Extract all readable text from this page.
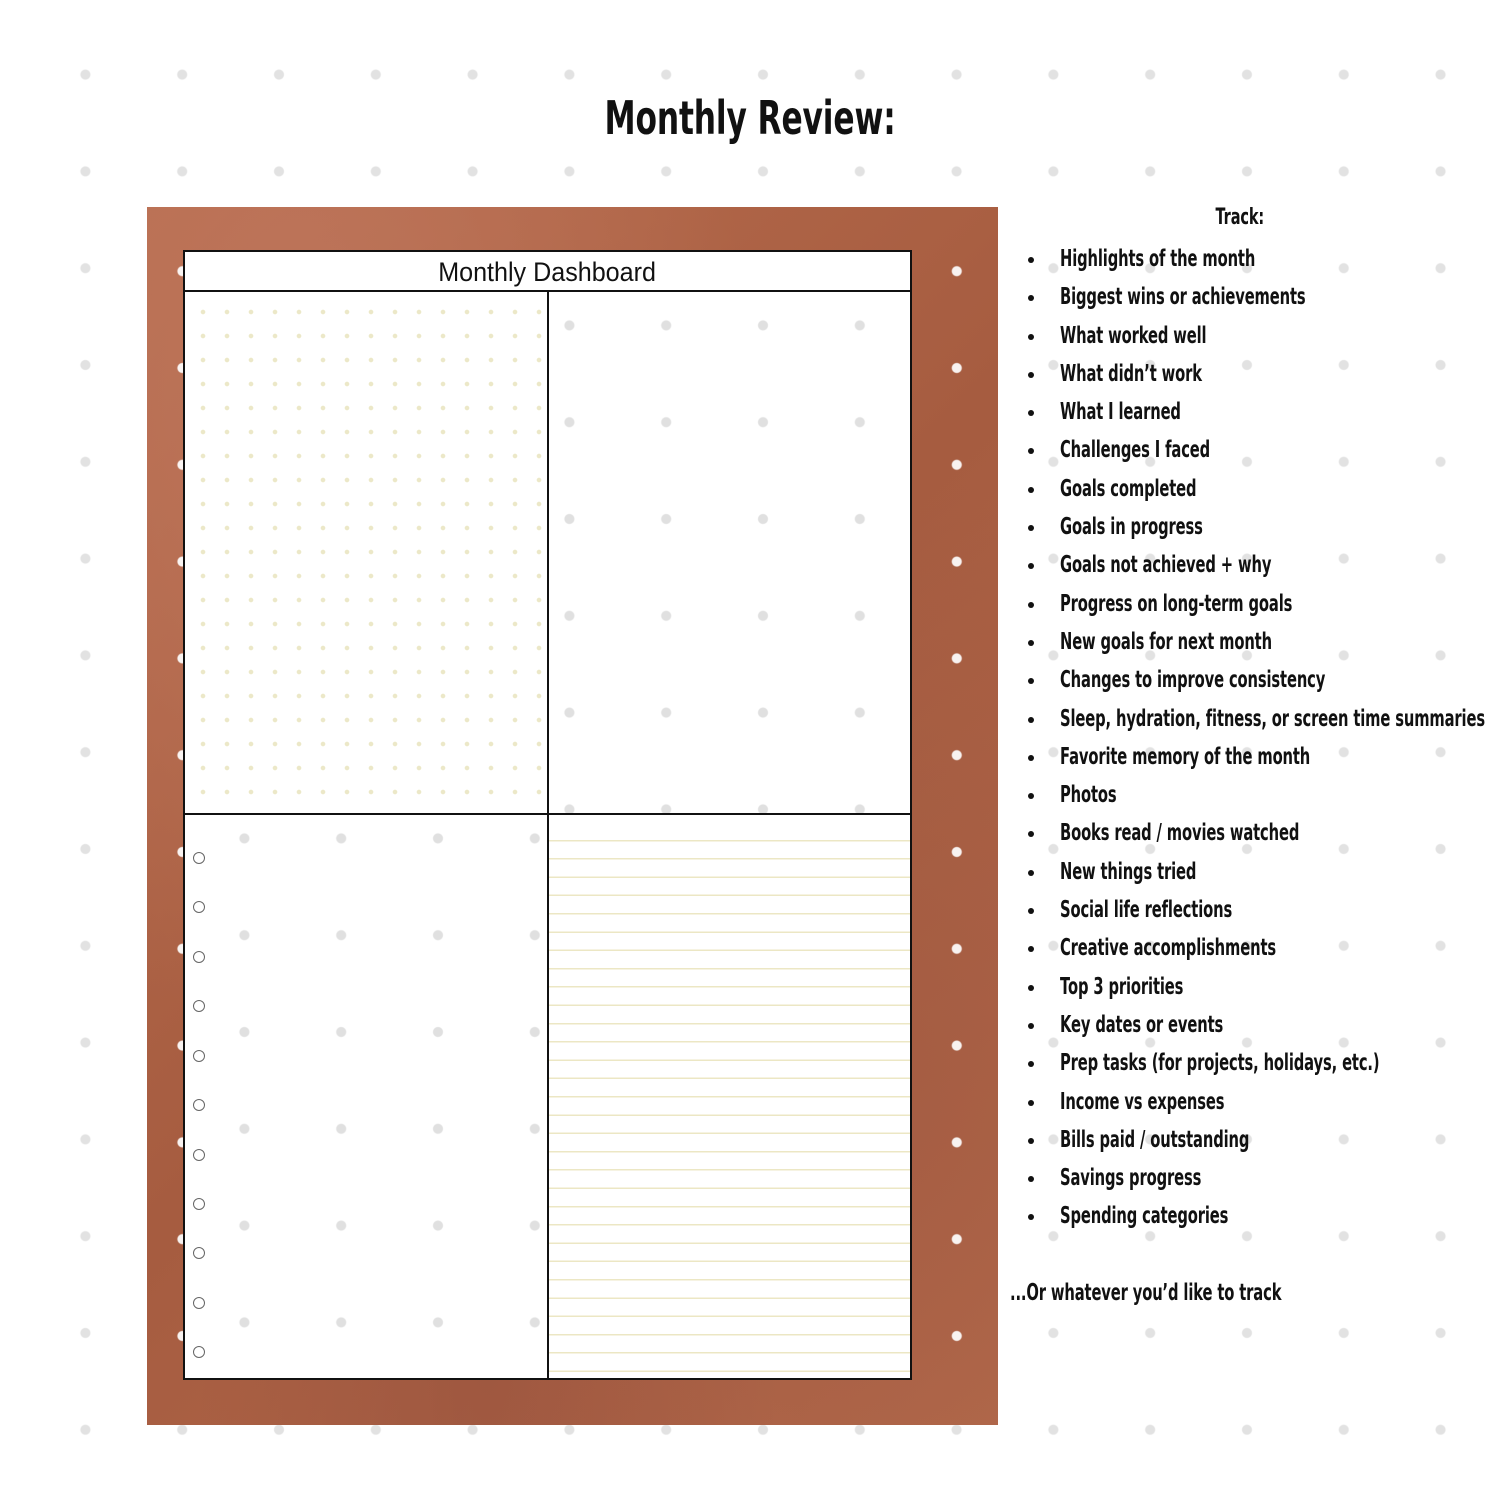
Monthly Review:
Monthly Dashboard
Track:
Highlights of the month
Biggest wins or achievements
What worked well
What didn’t work
What I learned
Challenges I faced
Goals completed
Goals in progress
Goals not achieved + why
Progress on long-term goals
New goals for next month
Changes to improve consistency
Sleep, hydration, fitness, or screen time summaries
Favorite memory of the month
Photos
Books read / movies watched
New things tried
Social life reflections
Creative accomplishments
Top 3 priorities
Key dates or events
Prep tasks (for projects, holidays, etc.)
Income vs expenses
Bills paid / outstanding
Savings progress
Spending categories
...Or whatever you’d like to track
